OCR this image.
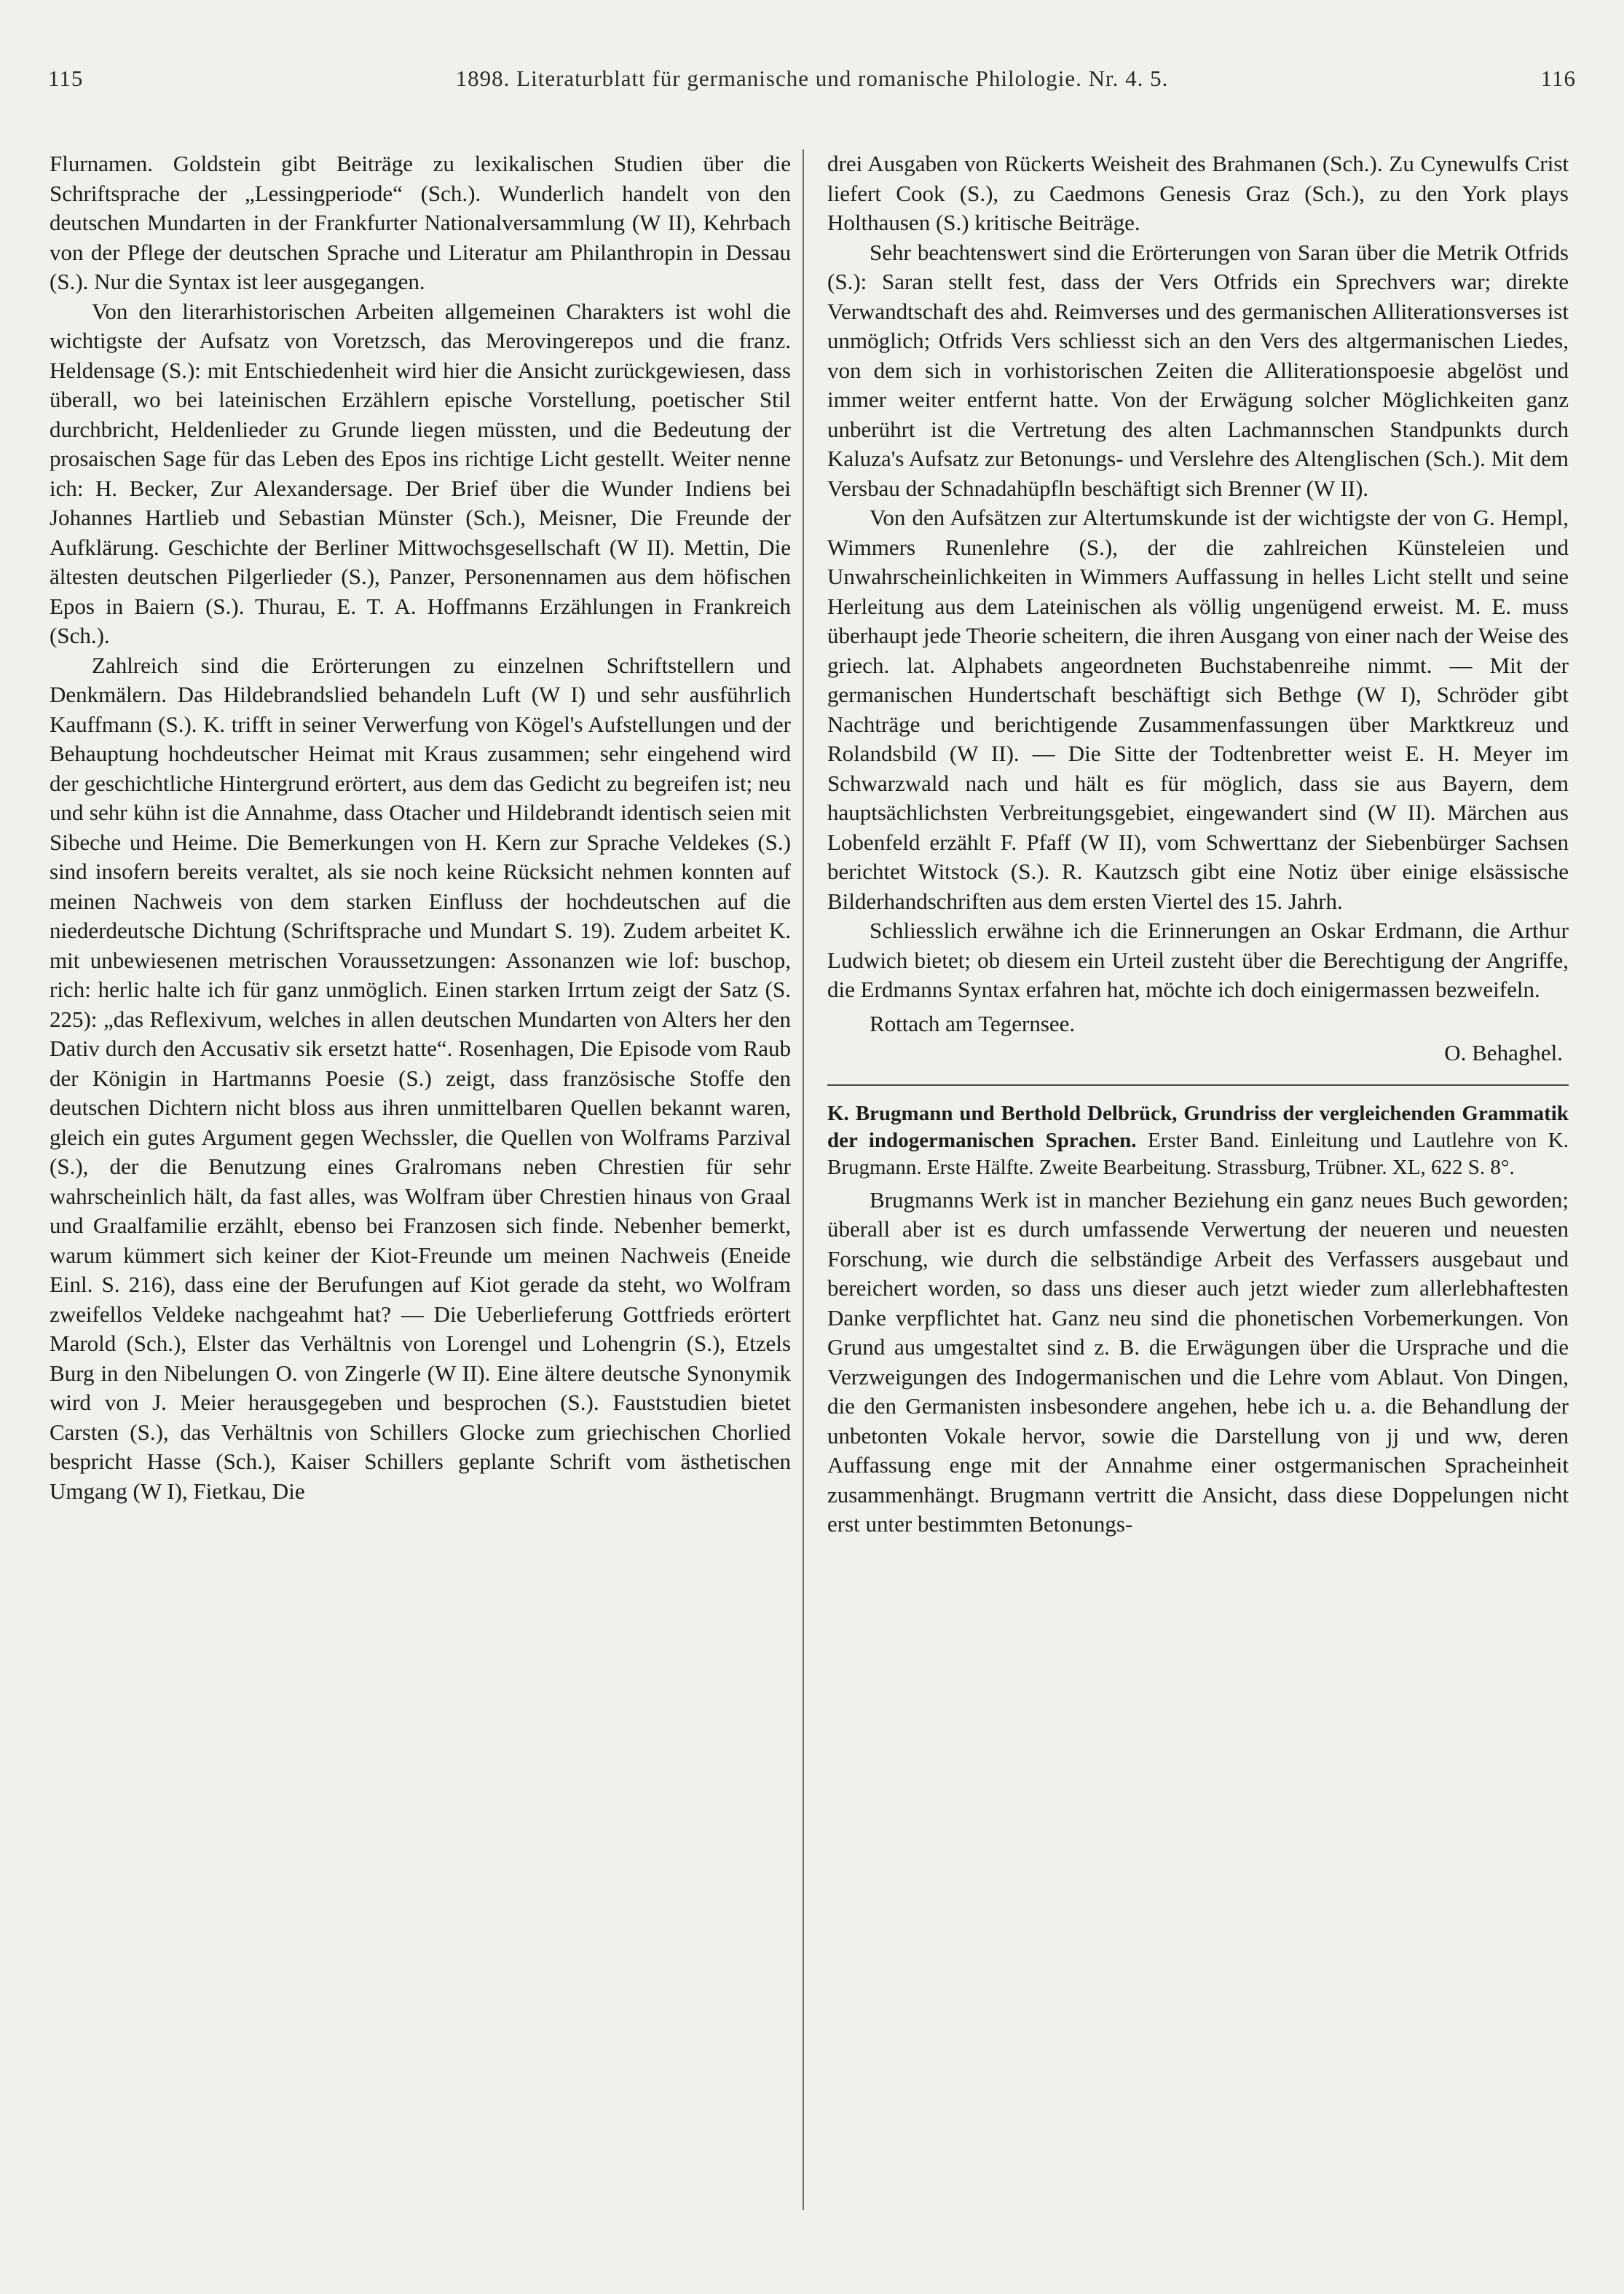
115	1898. Literaturblatt für germanische und romanische Philologie. Nr. 4. 5.	116

Flurnamen. Goldstein gibt Beiträge zu lexikalischen Studien über die Schriftsprache der „Lessingperiode“ (Sch.). Wunderlich handelt von den deutschen Mundarten in der Frankfurter Nationalversammlung (W II), Kehrbach von der Pflege der deutschen Sprache und Literatur am Philanthropin in Dessau (S.). Nur die Syntax ist leer ausgegangen.

Von den literarhistorischen Arbeiten allgemeinen Charakters ist wohl die wichtigste der Aufsatz von Voretzsch, das Merovingerepos und die franz. Heldensage (S.): mit Entschiedenheit wird hier die Ansicht zurückgewiesen, dass überall, wo bei lateinischen Erzählern epische Vorstellung, poetischer Stil durchbricht, Heldenlieder zu Grunde liegen müssten, und die Bedeutung der prosaischen Sage für das Leben des Epos ins richtige Licht gestellt. Weiter nenne ich: H. Becker, Zur Alexandersage. Der Brief über die Wunder Indiens bei Johannes Hartlieb und Sebastian Münster (Sch.), Meisner, Die Freunde der Aufklärung. Geschichte der Berliner Mittwochsgesellschaft (W II). Mettin, Die ältesten deutschen Pilgerlieder (S.), Panzer, Personennamen aus dem höfischen Epos in Baiern (S.). Thurau, E. T. A. Hoffmanns Erzählungen in Frankreich (Sch.).

Zahlreich sind die Erörterungen zu einzelnen Schriftstellern und Denkmälern. Das Hildebrandslied behandeln Luft (W I) und sehr ausführlich Kauffmann (S.). K. trifft in seiner Verwerfung von Kögel's Aufstellungen und der Behauptung hochdeutscher Heimat mit Kraus zusammen; sehr eingehend wird der geschichtliche Hintergrund erörtert, aus dem das Gedicht zu begreifen ist; neu und sehr kühn ist die Annahme, dass Otacher und Hildebrandt identisch seien mit Sibeche und Heime. Die Bemerkungen von H. Kern zur Sprache Veldekes (S.) sind insofern bereits veraltet, als sie noch keine Rücksicht nehmen konnten auf meinen Nachweis von dem starken Einfluss der hochdeutschen auf die niederdeutsche Dichtung (Schriftsprache und Mundart S. 19). Zudem arbeitet K. mit unbewiesenen metrischen Voraussetzungen: Assonanzen wie lof: buschop, rich: herlic halte ich für ganz unmöglich. Einen starken Irrtum zeigt der Satz (S. 225): „das Reflexivum, welches in allen deutschen Mundarten von Alters her den Dativ durch den Accusativ sik ersetzt hatte“. Rosenhagen, Die Episode vom Raub der Königin in Hartmanns Poesie (S.) zeigt, dass französische Stoffe den deutschen Dichtern nicht bloss aus ihren unmittelbaren Quellen bekannt waren, gleich ein gutes Argument gegen Wechssler, die Quellen von Wolframs Parzival (S.), der die Benutzung eines Gralromans neben Chrestien für sehr wahrscheinlich hält, da fast alles, was Wolfram über Chrestien hinaus von Graal und Graalfamilie erzählt, ebenso bei Franzosen sich finde. Nebenher bemerkt, warum kümmert sich keiner der Kiot-Freunde um meinen Nachweis (Eneide Einl. S. 216), dass eine der Berufungen auf Kiot gerade da steht, wo Wolfram zweifellos Veldeke nachgeahmt hat? — Die Ueberlieferung Gottfrieds erörtert Marold (Sch.), Elster das Verhältnis von Lorengel und Lohengrin (S.), Etzels Burg in den Nibelungen O. von Zingerle (W II). Eine ältere deutsche Synonymik wird von J. Meier herausgegeben und besprochen (S.). Fauststudien bietet Carsten (S.), das Verhältnis von Schillers Glocke zum griechischen Chorlied bespricht Hasse (Sch.), Kaiser Schillers geplante Schrift vom ästhetischen Umgang (W I), Fietkau, Die

drei Ausgaben von Rückerts Weisheit des Brahmanen (Sch.). Zu Cynewulfs Crist liefert Cook (S.), zu Caedmons Genesis Graz (Sch.), zu den York plays Holthausen (S.) kritische Beiträge.

Sehr beachtenswert sind die Erörterungen von Saran über die Metrik Otfrids (S.): Saran stellt fest, dass der Vers Otfrids ein Sprechvers war; direkte Verwandtschaft des ahd. Reimverses und des germanischen Alliterationsverses ist unmöglich; Otfrids Vers schliesst sich an den Vers des altgermanischen Liedes, von dem sich in vorhistorischen Zeiten die Alliterationspoesie abgelöst und immer weiter entfernt hatte. Von der Erwägung solcher Möglichkeiten ganz unberührt ist die Vertretung des alten Lachmannschen Standpunkts durch Kaluza's Aufsatz zur Betonungs- und Verslehre des Altenglischen (Sch.). Mit dem Versbau der Schnadahüpfln beschäftigt sich Brenner (W II).

Von den Aufsätzen zur Altertumskunde ist der wichtigste der von G. Hempl, Wimmers Runenlehre (S.), der die zahlreichen Künsteleien und Unwahrscheinlichkeiten in Wimmers Auffassung in helles Licht stellt und seine Herleitung aus dem Lateinischen als völlig ungenügend erweist. M. E. muss überhaupt jede Theorie scheitern, die ihren Ausgang von einer nach der Weise des griech. lat. Alphabets angeordneten Buchstabenreihe nimmt. — Mit der germanischen Hundertschaft beschäftigt sich Bethge (W I), Schröder gibt Nachträge und berichtigende Zusammenfassungen über Marktkreuz und Rolandsbild (W II). — Die Sitte der Todtenbretter weist E. H. Meyer im Schwarzwald nach und hält es für möglich, dass sie aus Bayern, dem hauptsächlichsten Verbreitungsgebiet, eingewandert sind (W II). Märchen aus Lobenfeld erzählt F. Pfaff (W II), vom Schwerttanz der Siebenbürger Sachsen berichtet Witstock (S.). R. Kautzsch gibt eine Notiz über einige elsässische Bilderhandschriften aus dem ersten Viertel des 15. Jahrh.

Schliesslich erwähne ich die Erinnerungen an Oskar Erdmann, die Arthur Ludwich bietet; ob diesem ein Urteil zusteht über die Berechtigung der Angriffe, die Erdmanns Syntax erfahren hat, möchte ich doch einigermassen bezweifeln.

Rottach am Tegernsee.

O. Behaghel.

K. Brugmann und Berthold Delbrück, Grundriss der vergleichenden Grammatik der indogermanischen Sprachen. Erster Band. Einleitung und Lautlehre von K. Brugmann. Erste Hälfte. Zweite Bearbeitung. Strassburg, Trübner. XL, 622 S. 8°.

Brugmanns Werk ist in mancher Beziehung ein ganz neues Buch geworden; überall aber ist es durch umfassende Verwertung der neueren und neuesten Forschung, wie durch die selbständige Arbeit des Verfassers ausgebaut und bereichert worden, so dass uns dieser auch jetzt wieder zum allerlebhaftesten Danke verpflichtet hat. Ganz neu sind die phonetischen Vorbemerkungen. Von Grund aus umgestaltet sind z. B. die Erwägungen über die Ursprache und die Verzweigungen des Indogermanischen und die Lehre vom Ablaut. Von Dingen, die den Germanisten insbesondere angehen, hebe ich u. a. die Behandlung der unbetonten Vokale hervor, sowie die Darstellung von jj und ww, deren Auffassung enge mit der Annahme einer ostgermanischen Spracheinheit zusammenhängt. Brugmann vertritt die Ansicht, dass diese Doppelungen nicht erst unter bestimmten Betonungs-
